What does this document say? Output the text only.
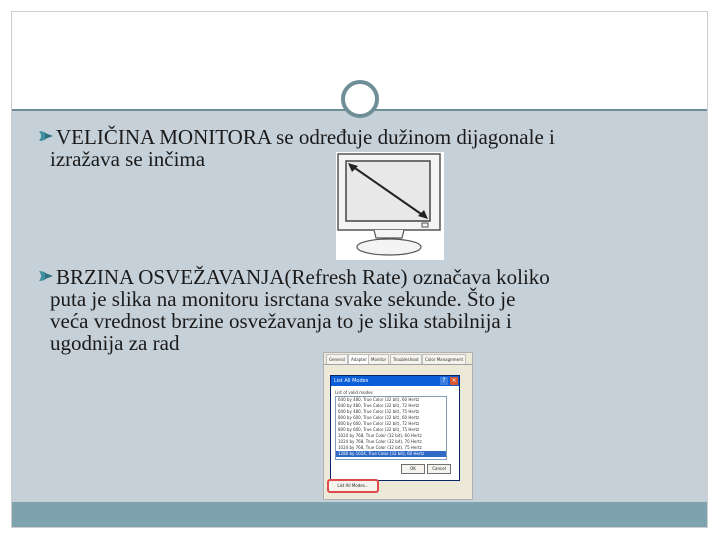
VELIČINA MONITORA se određuje dužinom dijagonale i
izražava se inčima
BRZINA OSVEŽAVANJA(Refresh Rate) označava koliko
puta je slika na monitoru isrctana svake sekunde. Što je
veća vrednost brzine osvežavanja to je slika stabilnija i
ugodnija za rad
General	Adapter	Monitor	Troubleshoot	Color Management
List All Modes	? ×
List of valid modes
640 by 480, True Color (32 bit), 60 Hertz
640 by 480, True Color (32 bit), 72 Hertz
640 by 480, True Color (32 bit), 75 Hertz
800 by 600, True Color (32 bit), 60 Hertz
800 by 600, True Color (32 bit), 72 Hertz
800 by 600, True Color (32 bit), 75 Hertz
1024 by 768, True Color (32 bit), 60 Hertz
1024 by 768, True Color (32 bit), 70 Hertz
1024 by 768, True Color (32 bit), 75 Hertz
1280 by 1024, True Color (32 bit), 60 Hertz
OK	Cancel
List All Modes...
